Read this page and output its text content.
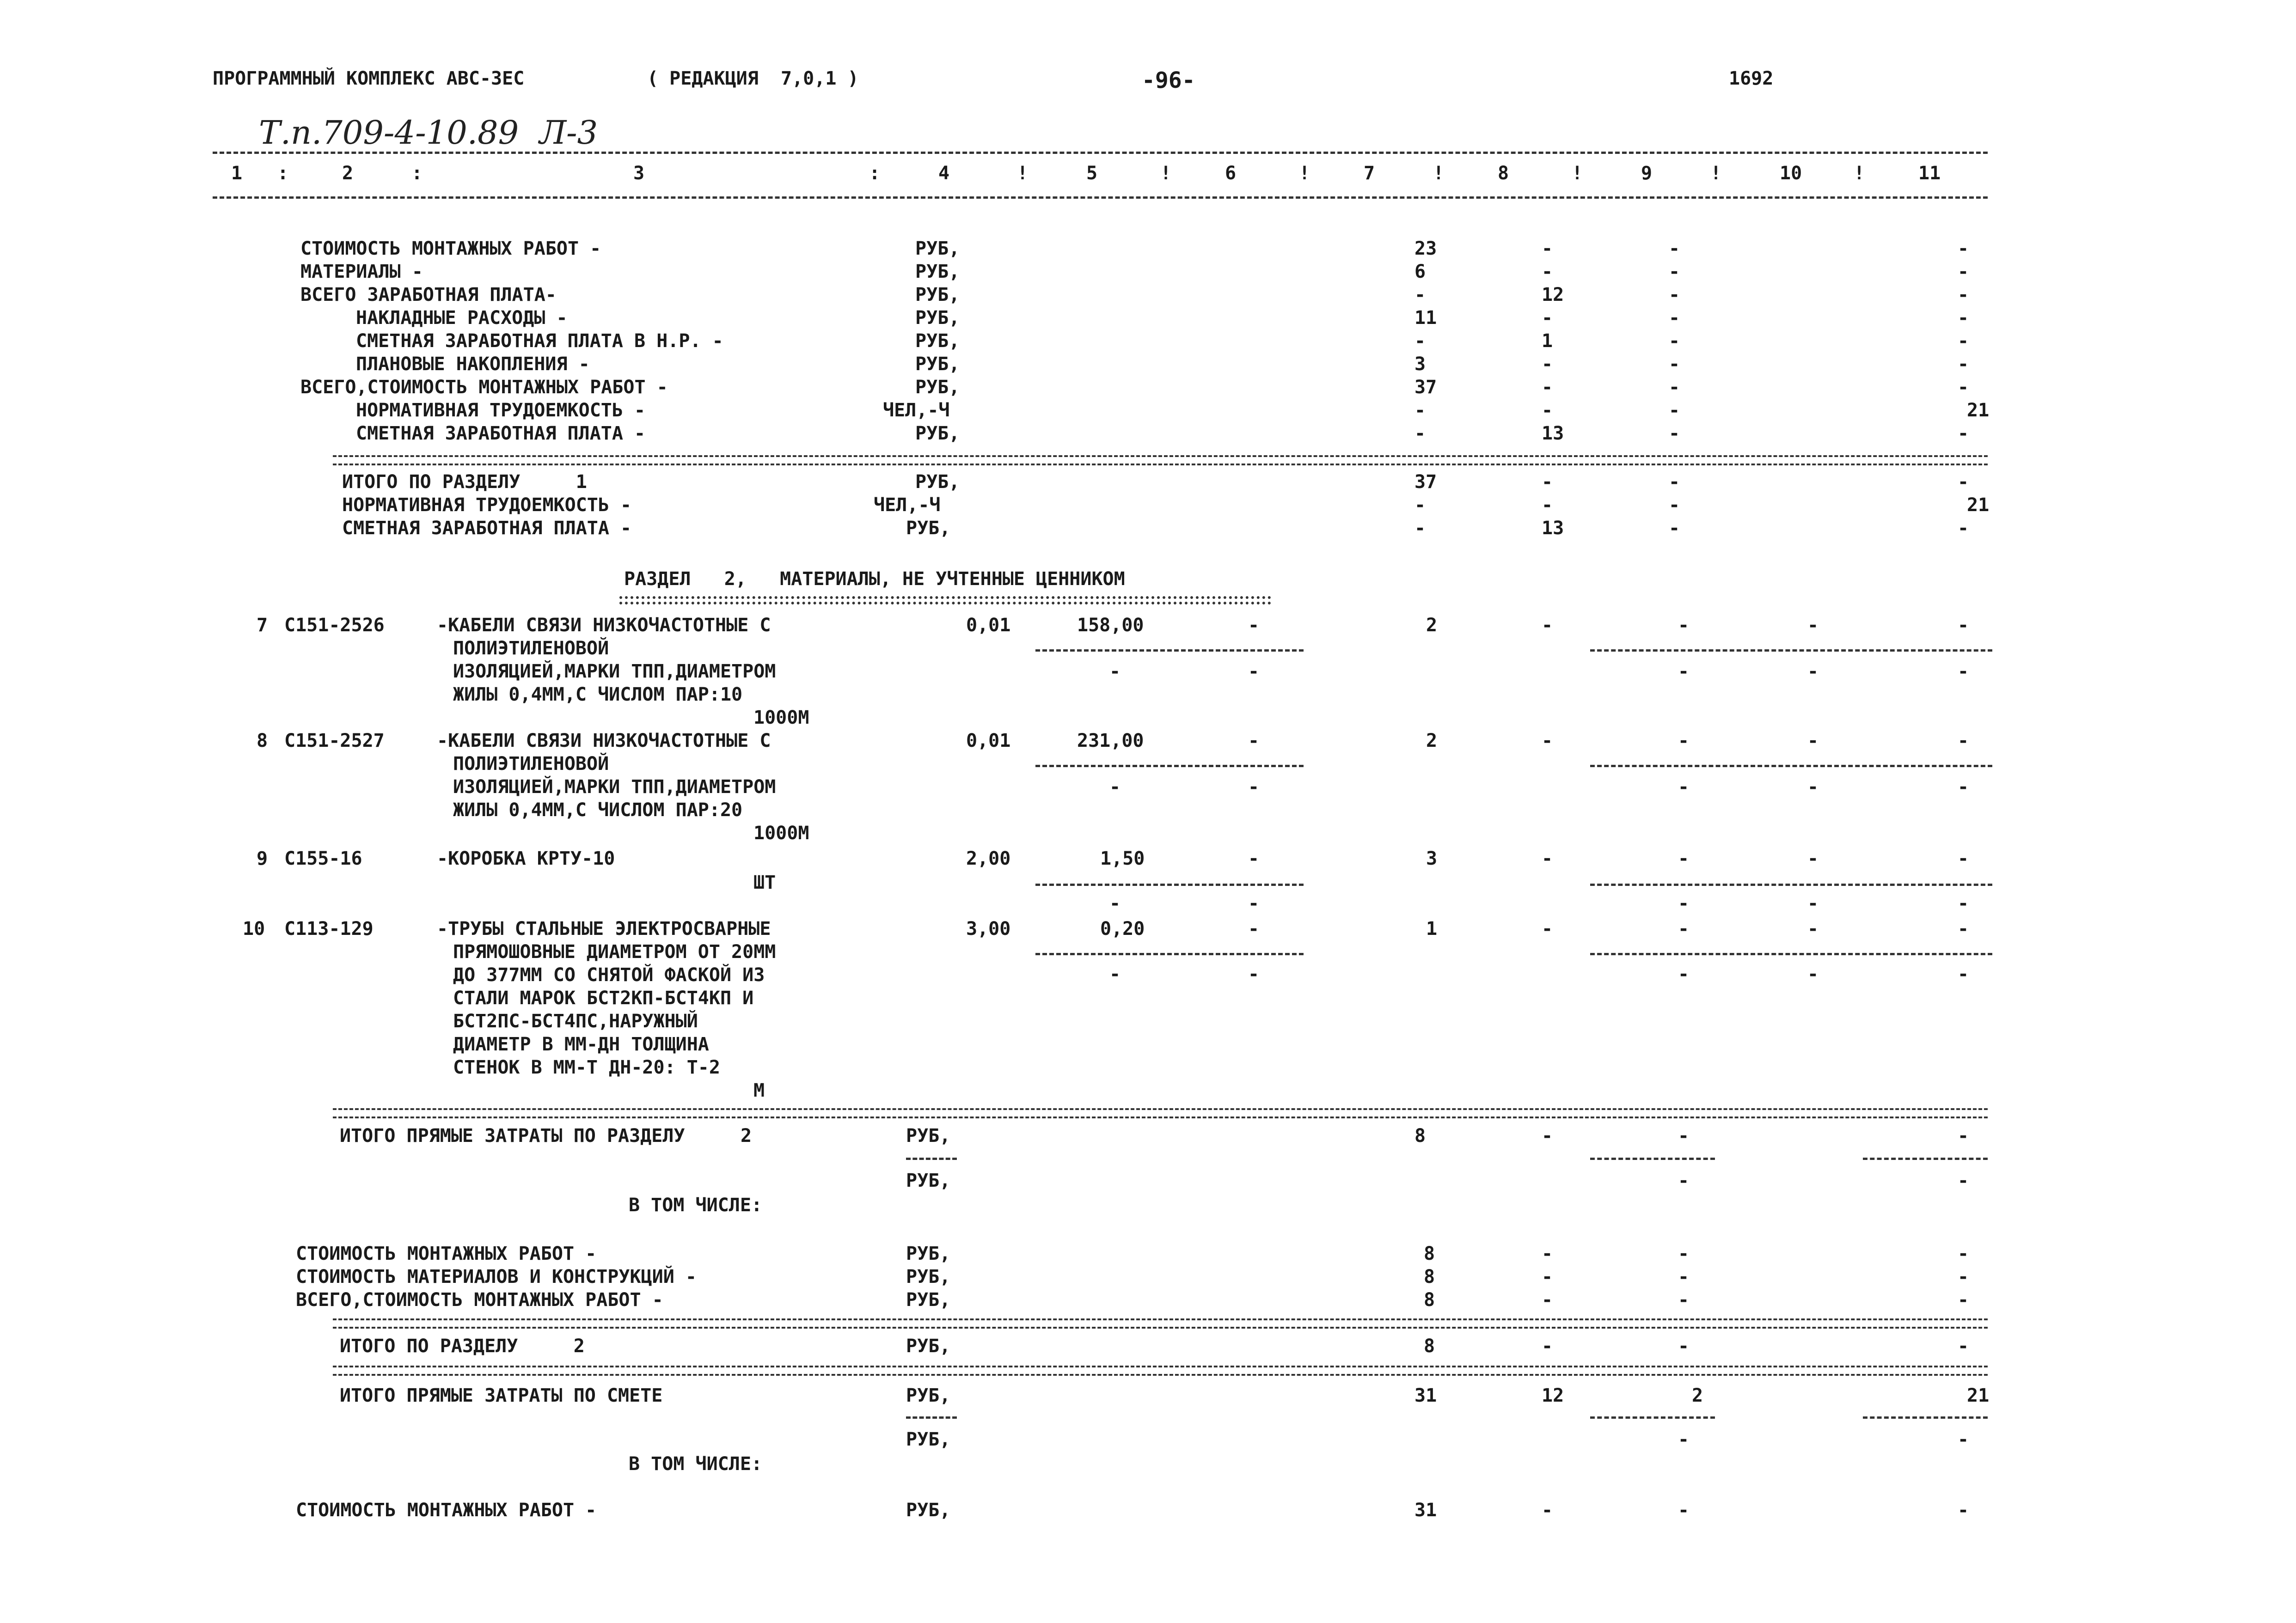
ПРОГРАММНЫЙ КОМПЛЕКС АВС-3ЕС	( РЕДАКЦИЯ  7,0,1 )	-96-	1692
Т.п.709-4-10.89  Л-3
1 :	2	:	3	:	4	!	5	!	6	!	7	!	8	!	9	!	10	!	11
СТОИМОСТЬ МОНТАЖНЫХ РАБОТ -	РУБ,	23	-	-	-
МАТЕРИАЛЫ -	РУБ,	6	-	-	-
ВСЕГО ЗАРАБОТНАЯ ПЛАТА-	РУБ,	-	12	-	-
НАКЛАДНЫЕ РАСХОДЫ -	РУБ,	11	-	-	-
СМЕТНАЯ ЗАРАБОТНАЯ ПЛАТА В Н.Р. -	РУБ,	-	1	-	-
ПЛАНОВЫЕ НАКОПЛЕНИЯ -	РУБ,	3	-	-	-
ВСЕГО,СТОИМОСТЬ МОНТАЖНЫХ РАБОТ -	РУБ,	37	-	-	-
НОРМАТИВНАЯ ТРУДОЕМКОСТЬ -	ЧЕЛ,-Ч	-	-	-	21
СМЕТНАЯ ЗАРАБОТНАЯ ПЛАТА -	РУБ,	-	13	-	-
ИТОГО ПО РАЗДЕЛУ     1	РУБ,	37	-	-	-
НОРМАТИВНАЯ ТРУДОЕМКОСТЬ -	ЧЕЛ,-Ч	-	-	-	21
СМЕТНАЯ ЗАРАБОТНАЯ ПЛАТА -	РУБ,	-	13	-	-
РАЗДЕЛ   2,   МАТЕРИАЛЫ, НЕ УЧТЕННЫЕ ЦЕННИКОМ
7 С151-2526	-КАБЕЛИ СВЯЗИ НИЗКОЧАСТОТНЫЕ С
ПОЛИЭТИЛЕНОВОЙ
ИЗОЛЯЦИЕЙ,МАРКИ ТПП,ДИАМЕТРОМ
ЖИЛЫ 0,4ММ,С ЧИСЛОМ ПАР:10
1000М
0,01	158,00	-	2	-	-	-	-
-	-	-	-	-
8 С151-2527	-КАБЕЛИ СВЯЗИ НИЗКОЧАСТОТНЫЕ С
ПОЛИЭТИЛЕНОВОЙ
ИЗОЛЯЦИЕЙ,МАРКИ ТПП,ДИАМЕТРОМ
ЖИЛЫ 0,4ММ,С ЧИСЛОМ ПАР:20
1000М
0,01	231,00	-	2	-	-	-	-
-	-	-	-	-
9 С155-16	-КОРОБКА КРТУ-10
ШТ
2,00	1,50	-	3	-	-	-	-
-	-	-	-	-
10 С113-129	-ТРУБЫ СТАЛЬНЫЕ ЭЛЕКТРОСВАРНЫЕ
ПРЯМОШОВНЫЕ ДИАМЕТРОМ ОТ 20ММ
ДО 377ММ СО СНЯТОЙ ФАСКОЙ ИЗ
СТАЛИ МАРОК БСТ2КП-БСТ4КП И
БСТ2ПС-БСТ4ПС,НАРУЖНЫЙ
ДИАМЕТР В ММ-ДН ТОЛЩИНА
СТЕНОК В ММ-Т ДН-20: Т-2
М
3,00	0,20	-	1	-	-	-	-
-	-	-	-	-
ИТОГО ПРЯМЫЕ ЗАТРАТЫ ПО РАЗДЕЛУ     2	РУБ,	8	-	-	-
РУБ,	-	-
В ТОМ ЧИСЛЕ:
СТОИМОСТЬ МОНТАЖНЫХ РАБОТ -	РУБ,	8	-	-	-
СТОИМОСТЬ МАТЕРИАЛОВ И КОНСТРУКЦИЙ -	РУБ,	8	-	-	-
ВСЕГО,СТОИМОСТЬ МОНТАЖНЫХ РАБОТ -	РУБ,	8	-	-	-
ИТОГО ПО РАЗДЕЛУ     2	РУБ,	8	-	-	-
ИТОГО ПРЯМЫЕ ЗАТРАТЫ ПО СМЕТЕ	РУБ,	31	12	2	21
РУБ,	-	-
В ТОМ ЧИСЛЕ:
СТОИМОСТЬ МОНТАЖНЫХ РАБОТ -	РУБ,	31	-	-	-
